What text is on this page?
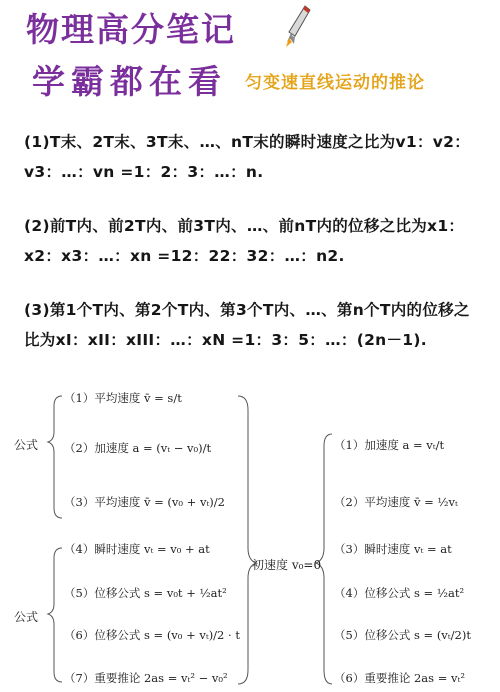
物理高分笔记
学霸都在看 匀变速直线运动的推论
(1)T末、2T末、3T末、…、nT末的瞬时速度之比为v1：v2：v3：…：vn =1：2：3：…：n.
(2)前T内、前2T内、前3T内、…、前nT内的位移之比为x1：x2：x3：…：xn =12：22：32：…：n2.
(3)第1个T内、第2个T内、第3个T内、…、第n个T内的位移之比为xI：xII：xIII：…：xN =1：3：5：…：(2n－1).
公式
公式
初速度 v₀=0
（1）平均速度 v̄ = s/t
（2）加速度 a = (vₜ − v₀)/t
（3）平均速度 v̄ = (v₀ + vₜ)/2
（4）瞬时速度 vₜ = v₀ + at
（5）位移公式 s = v₀t + ½at²
（6）位移公式 s = (v₀ + vₜ)/2 · t
（7）重要推论 2as = vₜ² − v₀²
（1）加速度 a = vₜ/t
（2）平均速度 v̄ = ½vₜ
（3）瞬时速度 vₜ = at
（4）位移公式 s = ½at²
（5）位移公式 s = (vₜ/2)t
（6）重要推论 2as = vₜ²
